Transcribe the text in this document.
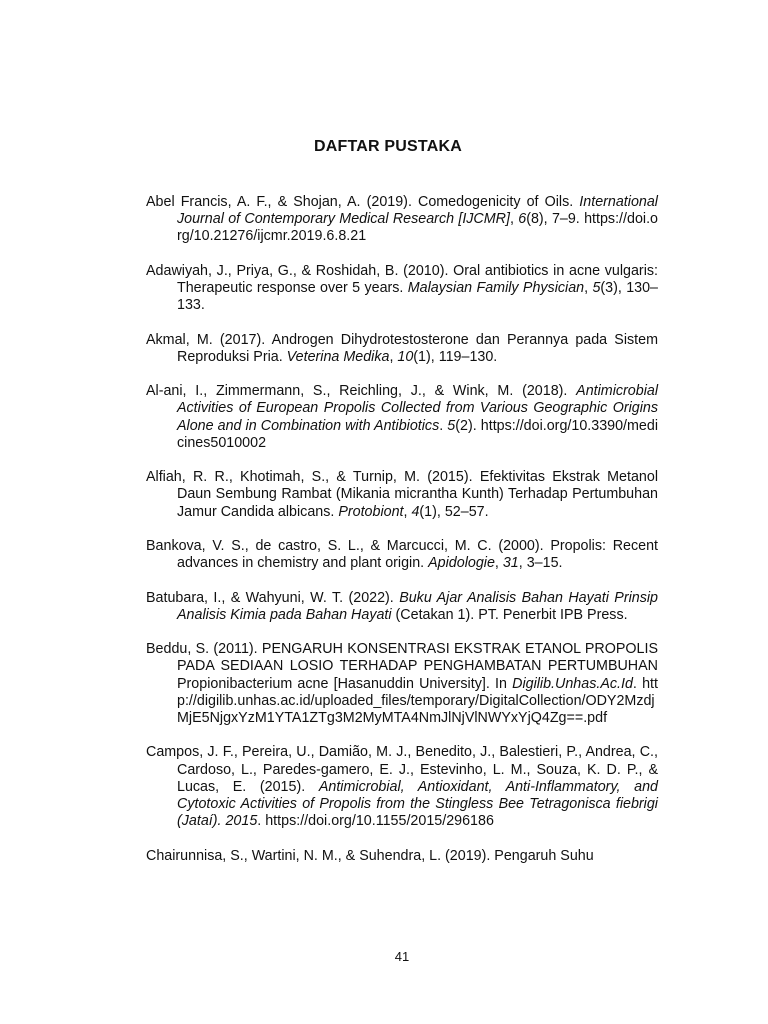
DAFTAR PUSTAKA

Abel Francis, A. F., & Shojan, A. (2019). Comedogenicity of Oils. International Journal of Contemporary Medical Research [IJCMR], 6(8), 7–9. https://doi.org/10.21276/ijcmr.2019.6.8.21

Adawiyah, J., Priya, G., & Roshidah, B. (2010). Oral antibiotics in acne vulgaris: Therapeutic response over 5 years. Malaysian Family Physician, 5(3), 130–133.

Akmal, M. (2017). Androgen Dihydrotestosterone dan Perannya pada Sistem Reproduksi Pria. Veterina Medika, 10(1), 119–130.

Al-ani, I., Zimmermann, S., Reichling, J., & Wink, M. (2018). Antimicrobial Activities of European Propolis Collected from Various Geographic Origins Alone and in Combination with Antibiotics. 5(2). https://doi.org/10.3390/medicines5010002

Alfiah, R. R., Khotimah, S., & Turnip, M. (2015). Efektivitas Ekstrak Metanol Daun Sembung Rambat (Mikania micrantha Kunth) Terhadap Pertumbuhan Jamur Candida albicans. Protobiont, 4(1), 52–57.

Bankova, V. S., de castro, S. L., & Marcucci, M. C. (2000). Propolis: Recent advances in chemistry and plant origin. Apidologie, 31, 3–15.

Batubara, I., & Wahyuni, W. T. (2022). Buku Ajar Analisis Bahan Hayati Prinsip Analisis Kimia pada Bahan Hayati (Cetakan 1). PT. Penerbit IPB Press.

Beddu, S. (2011). PENGARUH KONSENTRASI EKSTRAK ETANOL PROPOLIS PADA SEDIAAN LOSIO TERHADAP PENGHAMBATAN PERTUMBUHAN Propionibacterium acne [Hasanuddin University]. In Digilib.Unhas.Ac.Id. http://digilib.unhas.ac.id/uploaded_files/temporary/DigitalCollection/ODY2MzdjMjE5NjgxYzM1YTA1ZTg3M2MyMTA4NmJlNjVlNWYxYjQ4Zg==.pdf

Campos, J. F., Pereira, U., Damião, M. J., Benedito, J., Balestieri, P., Andrea, C., Cardoso, L., Paredes-gamero, E. J., Estevinho, L. M., Souza, K. D. P., & Lucas, E. (2015). Antimicrobial, Antioxidant, Anti-Inflammatory, and Cytotoxic Activities of Propolis from the Stingless Bee Tetragonisca fiebrigi (Jataí). 2015. https://doi.org/10.1155/2015/296186

Chairunnisa, S., Wartini, N. M., & Suhendra, L. (2019). Pengaruh Suhu

41
